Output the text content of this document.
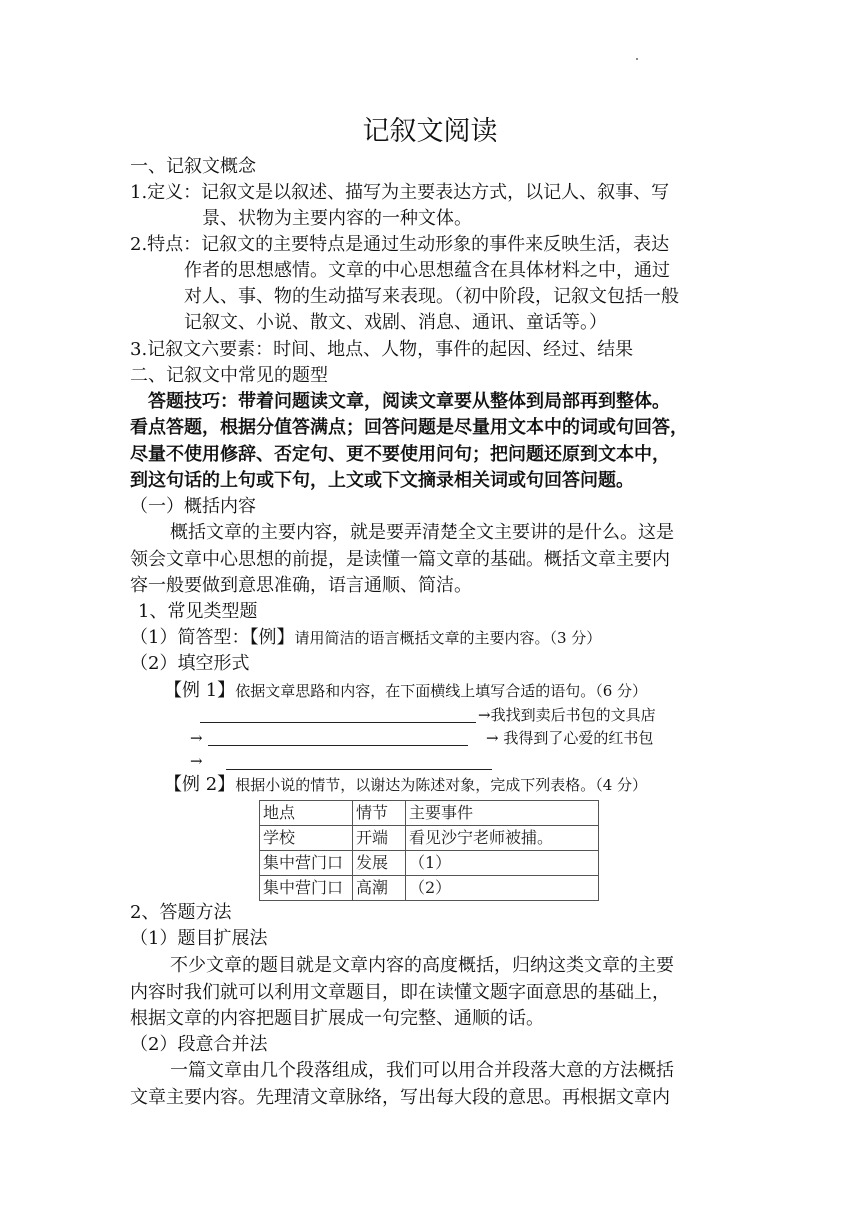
记叙文阅读
一、记叙文概念
1.定义：记叙文是以叙述、描写为主要表达方式，以记人、叙事、写
景、状物为主要内容的一种文体。
2.特点：记叙文的主要特点是通过生动形象的事件来反映生活，表达
作者的思想感情。文章的中心思想蕴含在具体材料之中，通过
对人、事、物的生动描写来表现。（初中阶段，记叙文包括一般
记叙文、小说、散文、戏剧、消息、通讯、童话等。）
3.记叙文六要素：时间、地点、人物，事件的起因、经过、结果
二、记叙文中常见的题型
答题技巧：带着问题读文章，阅读文章要从整体到局部再到整体。
看点答题，根据分值答满点；回答问题是尽量用文本中的词或句回答，
尽量不使用修辞、否定句、更不要使用问句；把问题还原到文本中，
到这句话的上句或下句，上文或下文摘录相关词或句回答问题。
（一）概括内容
概括文章的主要内容，就是要弄清楚全文主要讲的是什么。这是
领会文章中心思想的前提，是读懂一篇文章的基础。概括文章主要内
容一般要做到意思准确，语言通顺、简洁。
1、常见类型题
（1）简答型：【例】请用简洁的语言概括文章的主要内容。（3 分）
（2）填空形式
【例 1】依据文章思路和内容，在下面横线上填写合适的语句。（6 分）
→我找到卖后书包的文具店
→	→ 我得到了心爱的红书包
→
【例 2】根据小说的情节，以谢达为陈述对象，完成下列表格。（4 分）
地点	情节	主要事件
学校	开端	看见沙宁老师被捕。
集中营门口	发展	（1）
集中营门口	高潮	（2）
2、答题方法
（1）题目扩展法
不少文章的题目就是文章内容的高度概括，归纳这类文章的主要
内容时我们就可以利用文章题目，即在读懂文题字面意思的基础上，
根据文章的内容把题目扩展成一句完整、通顺的话。
（2）段意合并法
一篇文章由几个段落组成，我们可以用合并段落大意的方法概括
文章主要内容。先理清文章脉络，写出每大段的意思。再根据文章内
